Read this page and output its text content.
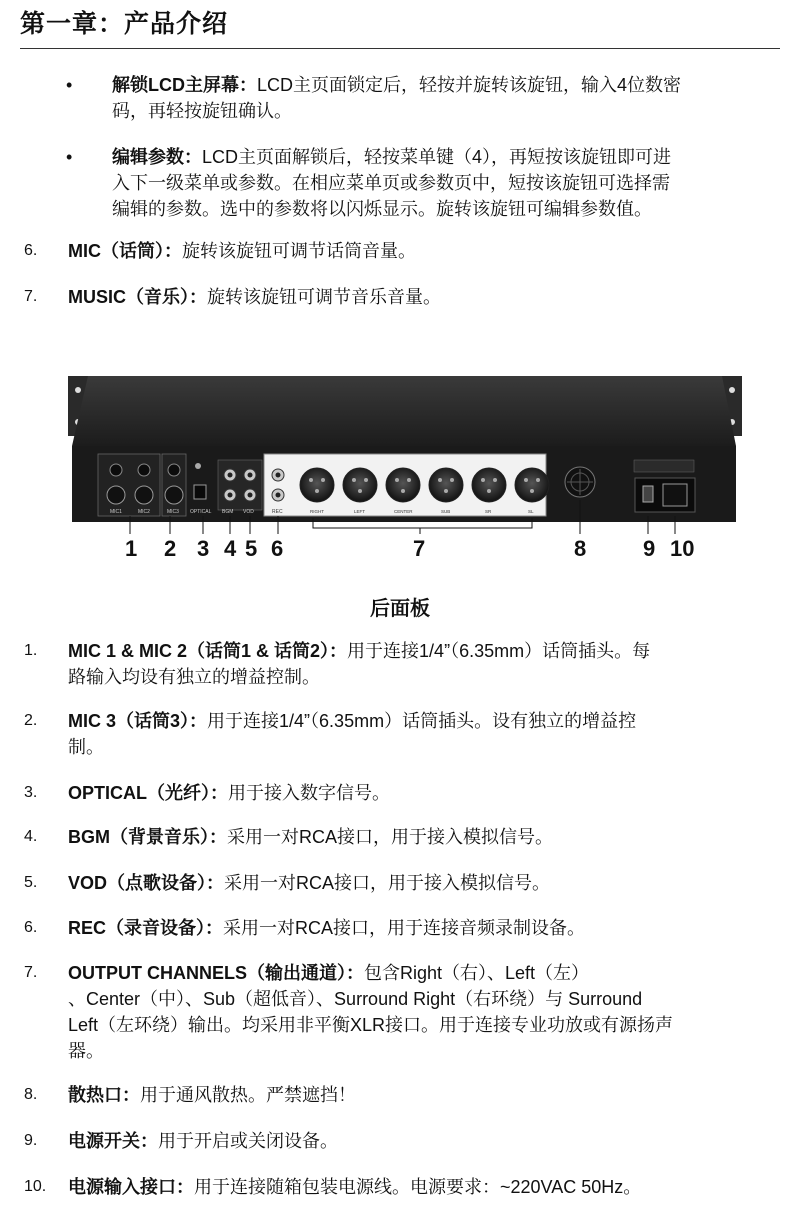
第一章：产品介绍
• 解锁LCD主屏幕：LCD主页面锁定后，轻按并旋转该旋钮，输入4位数密
码，再轻按旋钮确认。
• 编辑参数：LCD主页面解锁后，轻按菜单键（4），再短按该旋钮即可进
入下一级菜单或参数。在相应菜单页或参数页中，短按该旋钮可选择需
编辑的参数。选中的参数将以闪烁显示。旋转该旋钮可编辑参数值。
6.	MIC（话筒）：旋转该旋钮可调节话筒音量。
7.	MUSIC（音乐）：旋转该旋钮可调节音乐音量。
MIC1	MIC2	MIC3 OPTICAL BGM VOD	REC	RIGHT	LEFT	CENTER	SUB	SR	SL
1 2 3 4 5 6	7	8	9 10
后面板
1.	MIC 1 & MIC 2（话筒1 & 话筒2）：用于连接1/4”（6.35mm）话筒插头。每
路输入均设有独立的增益控制。
2.	MIC 3（话筒3）：用于连接1/4”（6.35mm）话筒插头。设有独立的增益控
制。
3.	OPTICAL（光纤）：用于接入数字信号。
4.	BGM（背景音乐）：采用一对RCA接口，用于接入模拟信号。
5.	VOD（点歌设备）：采用一对RCA接口，用于接入模拟信号。
6.	REC（录音设备）：采用一对RCA接口，用于连接音频录制设备。
7.	OUTPUT CHANNELS（输出通道）：包含Right（右）、Left（左）
、Center（中）、Sub（超低音）、Surround Right（右环绕）与 Surround
Left（左环绕）输出。均采用非平衡XLR接口。用于连接专业功放或有源扬声
器。
8.	散热口：用于通风散热。严禁遮挡！
9.	电源开关：用于开启或关闭设备。
10.	电源输入接口：用于连接随箱包装电源线。电源要求：~220VAC 50Hz。
